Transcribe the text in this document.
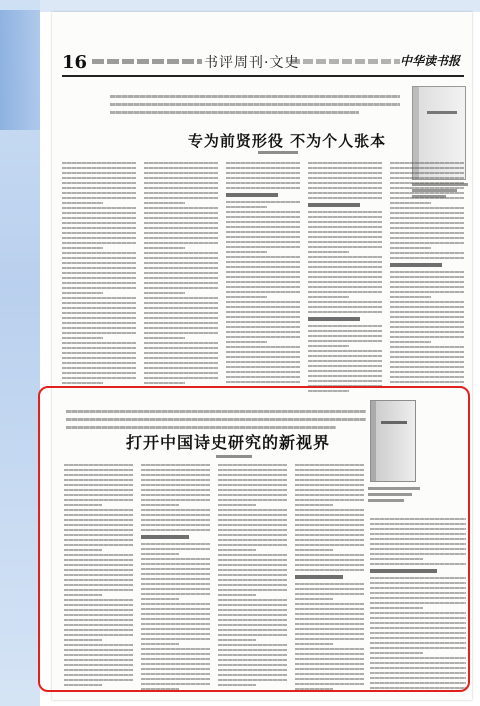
16	书评周刊·文史	中华读书报
专为前贤形役 不为个人张本
打开中国诗史研究的新视界
